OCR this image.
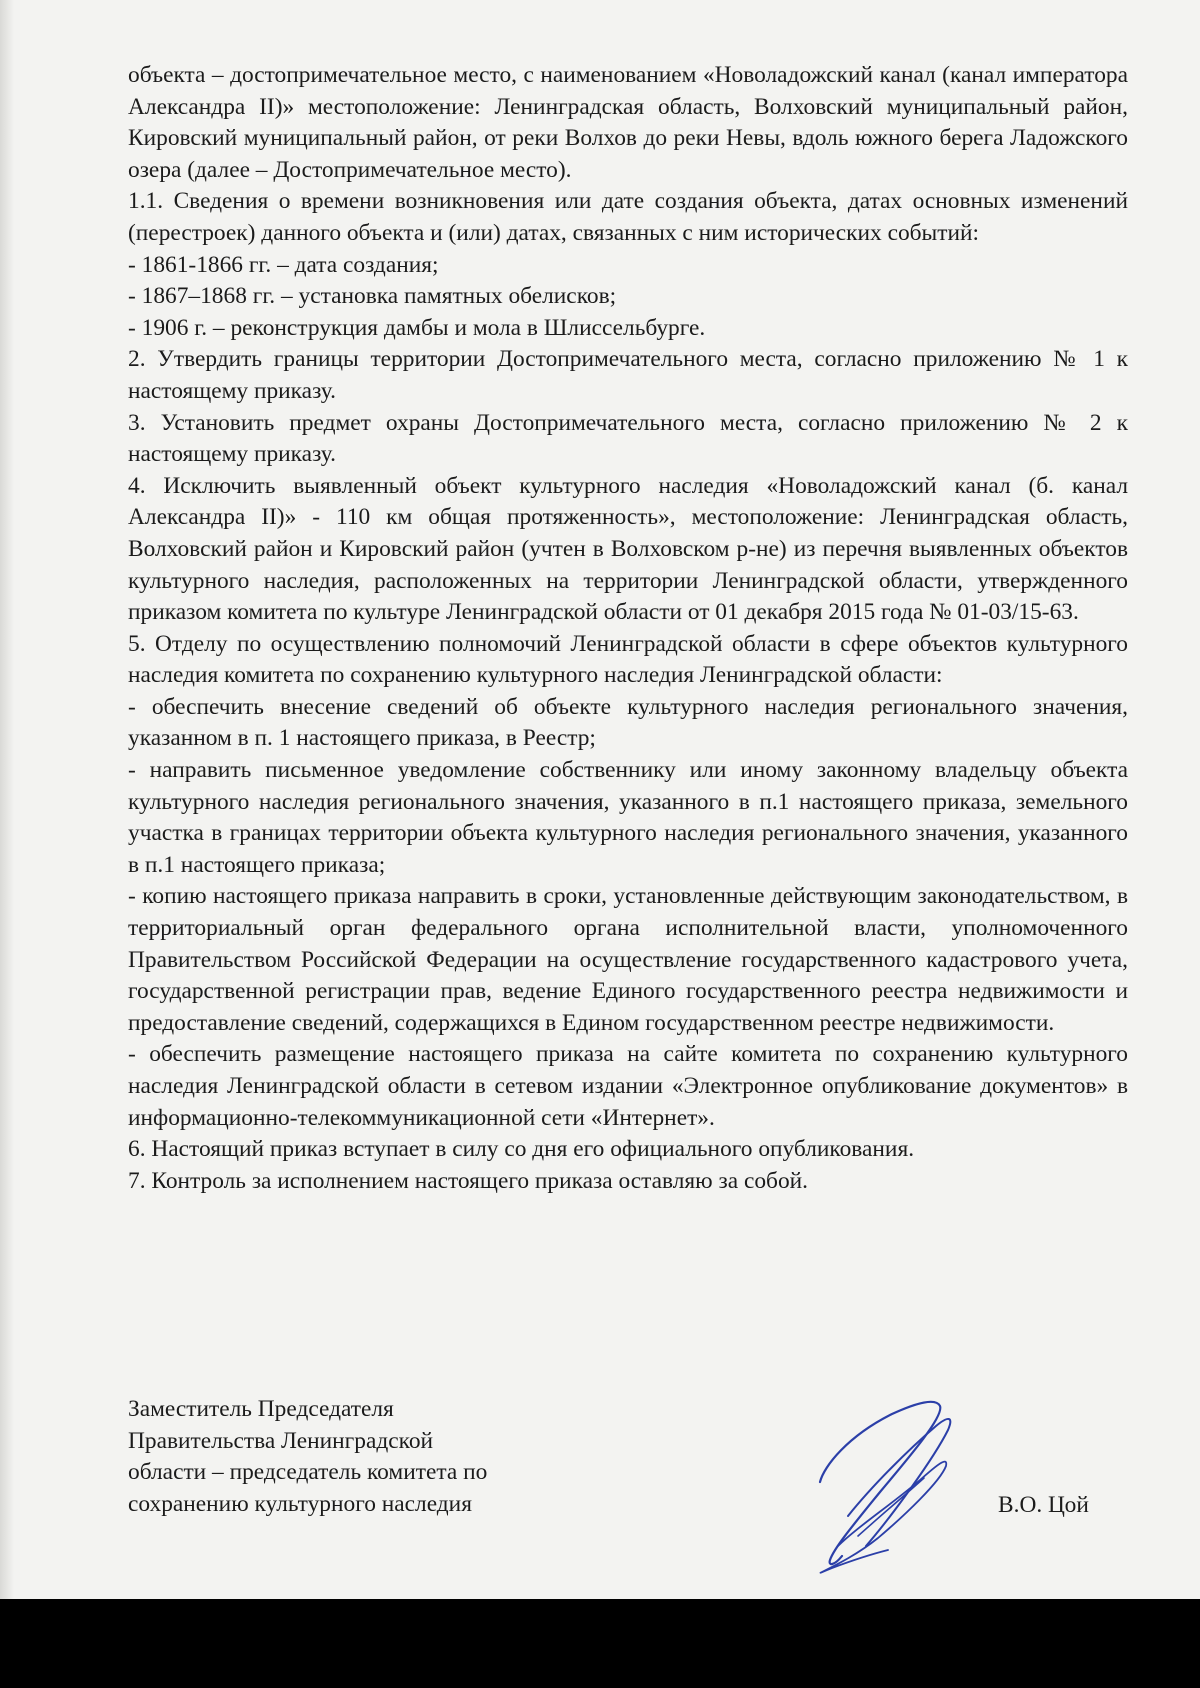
объекта – достопримечательное место, с наименованием «Новоладожский канал (канал императора Александра II)» местоположение: Ленинградская область, Волховский муниципальный район, Кировский муниципальный район, от реки Волхов до реки Невы, вдоль южного берега Ладожского озера (далее – Достопримечательное место).

1.1. Сведения о времени возникновения или дате создания объекта, датах основных изменений (перестроек) данного объекта и (или) датах, связанных с ним исторических событий:

- 1861-1866 гг. – дата создания;

- 1867–1868 гг. – установка памятных обелисков;

- 1906 г. – реконструкция дамбы и мола в Шлиссельбурге.

2. Утвердить границы территории Достопримечательного места, согласно приложению № 1 к настоящему приказу.

3. Установить предмет охраны Достопримечательного места, согласно приложению № 2 к настоящему приказу.

4. Исключить выявленный объект культурного наследия «Новоладожский канал (б. канал Александра II)» - 110 км общая протяженность», местоположение: Ленинградская область, Волховский район и Кировский район (учтен в Волховском р-не) из перечня выявленных объектов культурного наследия, расположенных на территории Ленинградской области, утвержденного приказом комитета по культуре Ленинградской области от 01 декабря 2015 года № 01-03/15-63.

5. Отделу по осуществлению полномочий Ленинградской области в сфере объектов культурного наследия комитета по сохранению культурного наследия Ленинградской области:

- обеспечить внесение сведений об объекте культурного наследия регионального значения, указанном в п. 1 настоящего приказа, в Реестр;

- направить письменное уведомление собственнику или иному законному владельцу объекта культурного наследия регионального значения, указанного в п.1 настоящего приказа, земельного участка в границах территории объекта культурного наследия регионального значения, указанного в п.1 настоящего приказа;

- копию настоящего приказа направить в сроки, установленные действующим законодательством, в территориальный орган федерального органа исполнительной власти, уполномоченного Правительством Российской Федерации на осуществление государственного кадастрового учета, государственной регистрации прав, ведение Единого государственного реестра недвижимости и предоставление сведений, содержащихся в Едином государственном реестре недвижимости.

- обеспечить размещение настоящего приказа на сайте комитета по сохранению культурного наследия Ленинградской области в сетевом издании «Электронное опубликование документов» в информационно-телекоммуникационной сети «Интернет».

6. Настоящий приказ вступает в силу со дня его официального опубликования.

7. Контроль за исполнением настоящего приказа оставляю за собой.

Заместитель Председателя

Правительства Ленинградской

области – председатель комитета по

сохранению культурного наследия	В.О. Цой
